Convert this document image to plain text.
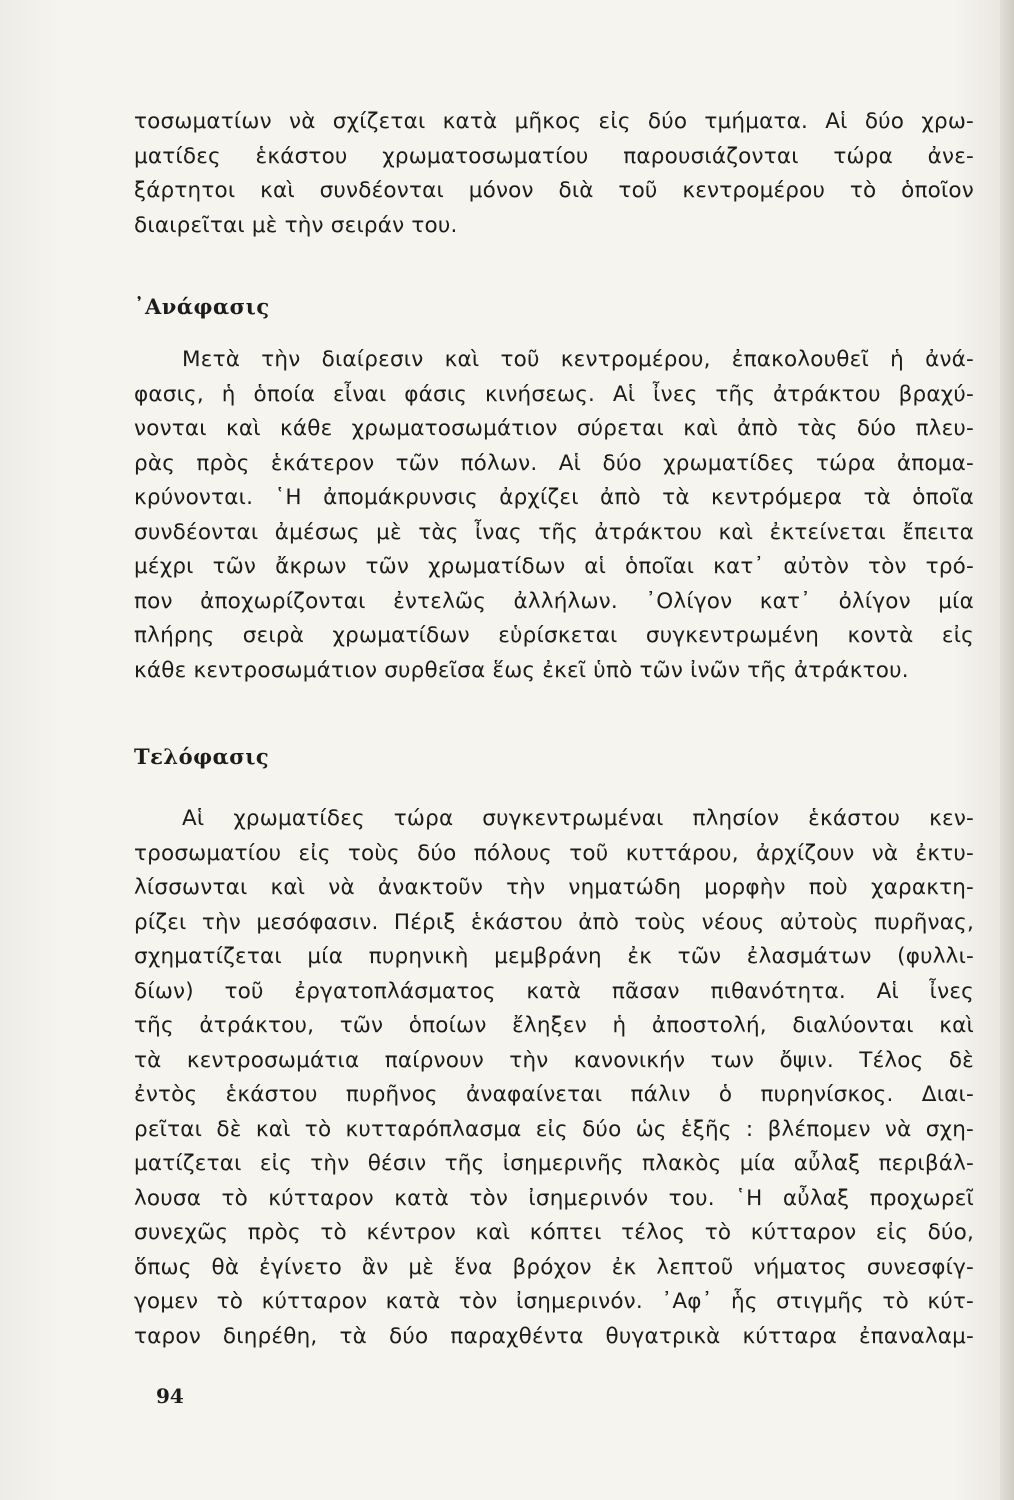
τοσωματίων νὰ σχίζεται κατὰ μῆκος εἰς δύο τμήματα. Αἱ δύο χρω-
ματίδες ἑκάστου χρωματοσωματίου παρουσιάζονται τώρα ἀνε-
ξάρτητοι καὶ συνδέονται μόνον διὰ τοῦ κεντρομέρου τὸ ὁποῖον
διαιρεῖται μὲ τὴν σειράν του.
᾿Ανάφασις
Μετὰ τὴν διαίρεσιν καὶ τοῦ κεντρομέρου, ἐπακολουθεῖ ἡ ἀνά-
φασις, ἡ ὁποία εἶναι φάσις κινήσεως. Αἱ ἶνες τῆς ἀτράκτου βραχύ-
νονται καὶ κάθε χρωματοσωμάτιον σύρεται καὶ ἀπὸ τὰς δύο πλευ-
ρὰς πρὸς ἑκάτερον τῶν πόλων. Αἱ δύο χρωματίδες τώρα ἀπομα-
κρύνονται. ῾Η ἀπομάκρυνσις ἀρχίζει ἀπὸ τὰ κεντρόμερα τὰ ὁποῖα
συνδέονται ἀμέσως μὲ τὰς ἶνας τῆς ἀτράκτου καὶ ἐκτείνεται ἔπειτα
μέχρι τῶν ἄκρων τῶν χρωματίδων αἱ ὁποῖαι κατ᾽ αὐτὸν τὸν τρό-
πον ἀποχωρίζονται ἐντελῶς ἀλλήλων. ᾿Ολίγον κατ᾽ ὀλίγον μία
πλήρης σειρὰ χρωματίδων εὑρίσκεται συγκεντρωμένη κοντὰ εἰς
κάθε κεντροσωμάτιον συρθεῖσα ἕως ἐκεῖ ὑπὸ τῶν ἰνῶν τῆς ἀτράκτου.
Τελόφασις
Αἱ χρωματίδες τώρα συγκεντρωμέναι πλησίον ἑκάστου κεν-
τροσωματίου εἰς τοὺς δύο πόλους τοῦ κυττάρου, ἀρχίζουν νὰ ἐκτυ-
λίσσωνται καὶ νὰ ἀνακτοῦν τὴν νηματώδη μορφὴν ποὺ χαρακτη-
ρίζει τὴν μεσόφασιν. Πέριξ ἑκάστου ἀπὸ τοὺς νέους αὐτοὺς πυρῆνας,
σχηματίζεται μία πυρηνικὴ μεμβράνη ἐκ τῶν ἐλασμάτων (φυλλι-
δίων) τοῦ ἐργατοπλάσματος κατὰ πᾶσαν πιθανότητα. Αἱ ἶνες
τῆς ἀτράκτου, τῶν ὁποίων ἔληξεν ἡ ἀποστολή, διαλύονται καὶ
τὰ κεντροσωμάτια παίρνουν τὴν κανονικήν των ὄψιν. Τέλος δὲ
ἐντὸς ἑκάστου πυρῆνος ἀναφαίνεται πάλιν ὁ πυρηνίσκος. Διαι-
ρεῖται δὲ καὶ τὸ κυτταρόπλασμα εἰς δύο ὡς ἑξῆς : βλέπομεν νὰ σχη-
ματίζεται εἰς τὴν θέσιν τῆς ἰσημερινῆς πλακὸς μία αὖλαξ περιβάλ-
λουσα τὸ κύτταρον κατὰ τὸν ἰσημερινόν του. ῾Η αὖλαξ προχωρεῖ
συνεχῶς πρὸς τὸ κέντρον καὶ κόπτει τέλος τὸ κύτταρον εἰς δύο,
ὅπως θὰ ἐγίνετο ἂν μὲ ἕνα βρόχον ἐκ λεπτοῦ νήματος συνεσφίγ-
γομεν τὸ κύτταρον κατὰ τὸν ἰσημερινόν. ᾿Αφ᾽ ἧς στιγμῆς τὸ κύτ-
ταρον διηρέθη, τὰ δύο παραχθέντα θυγατρικὰ κύτταρα ἐπαναλαμ-
94
